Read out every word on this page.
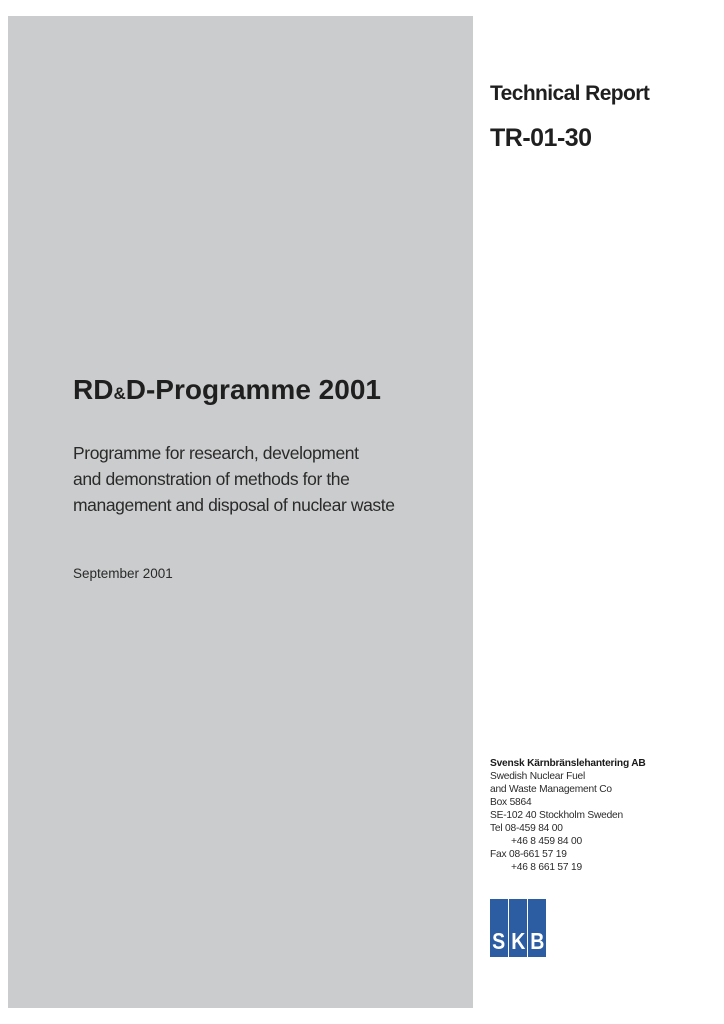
Technical Report
TR-01-30
RD&D-Programme 2001
Programme for research, development
and demonstration of methods for the
management and disposal of nuclear waste
September 2001
Svensk Kärnbränslehantering AB
Swedish Nuclear Fuel
and Waste Management Co
Box 5864
SE-102 40 Stockholm Sweden
Tel 08-459 84 00
+46 8 459 84 00
Fax 08-661 57 19
+46 8 661 57 19
S K B
